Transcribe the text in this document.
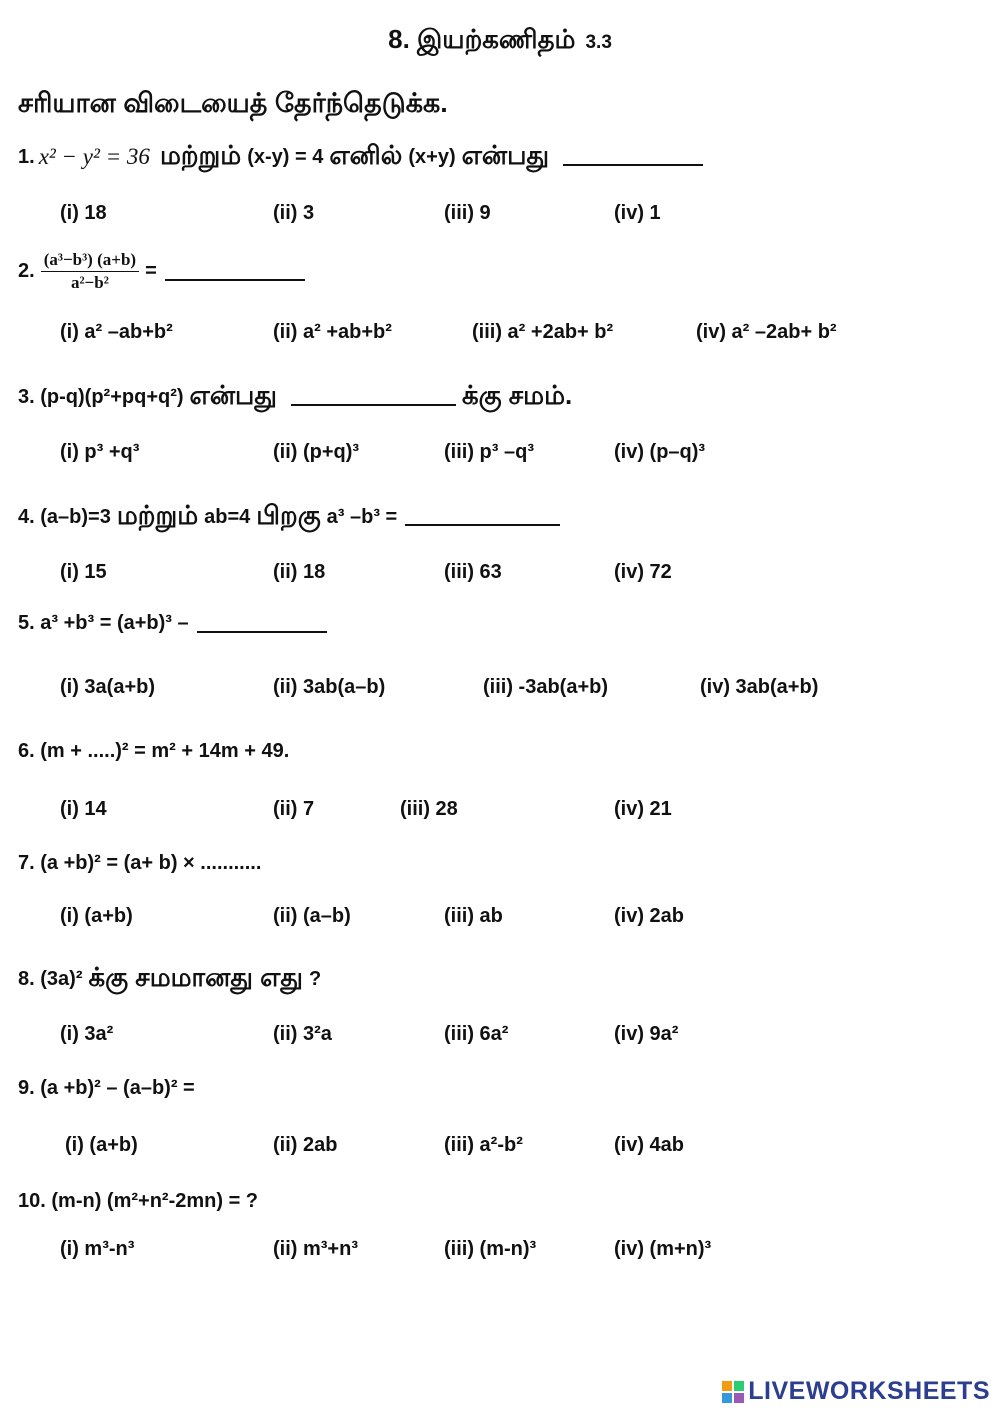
8. இயற்கணிதம் 3.3
சரியான விடையைத் தேர்ந்தெடுக்க.
1. x² − y² = 36 மற்றும் (x-y) = 4 எனில் (x+y) என்பது
(i) 18	(ii) 3	(iii) 9	(iv) 1
2. $\frac{\text{(a³−b³) (a+b)}}{\text{a²−b²}}$ =
(i) a² –ab+b²	(ii) a² +ab+b²	(iii) a² +2ab+ b²	(iv) a² –2ab+ b²
3.
(p-q)(p²+pq+q²) என்பது	க்கு சமம்.
(i) p³ +q³	(ii) (p+q)³	(iii) p³ –q³	(iv) (p–q)³
4.
(a–b)=3 மற்றும் ab=4 பிறகு a³ –b³ =
(i) 15	(ii) 18	(iii) 63	(iv) 72
5.
a³ +b³ = (a+b)³ –
(i) 3a(a+b)	(ii) 3ab(a–b)	(iii) -3ab(a+b)	(iv) 3ab(a+b)
6.
(m + .....)² = m² + 14m + 49.
(i) 14	(ii) 7	(iii) 28	(iv) 21
7.
(a +b)² = (a+ b) × ...........
(i) (a+b)	(ii) (a–b)	(iii) ab	(iv) 2ab
8.
(3a)² க்கு சமமானது எது ?
(i) 3a²	(ii) 3²a	(iii) 6a²	(iv) 9a²
9.
(a +b)² – (a–b)² =
(i) (a+b)	(ii) 2ab	(iii) a²-b²	(iv) 4ab
10.
(m-n) (m²+n²-2mn) = ?
(i) m³-n³	(ii) m³+n³	(iii) (m-n)³	(iv) (m+n)³
LIVEWORKSHEETS
